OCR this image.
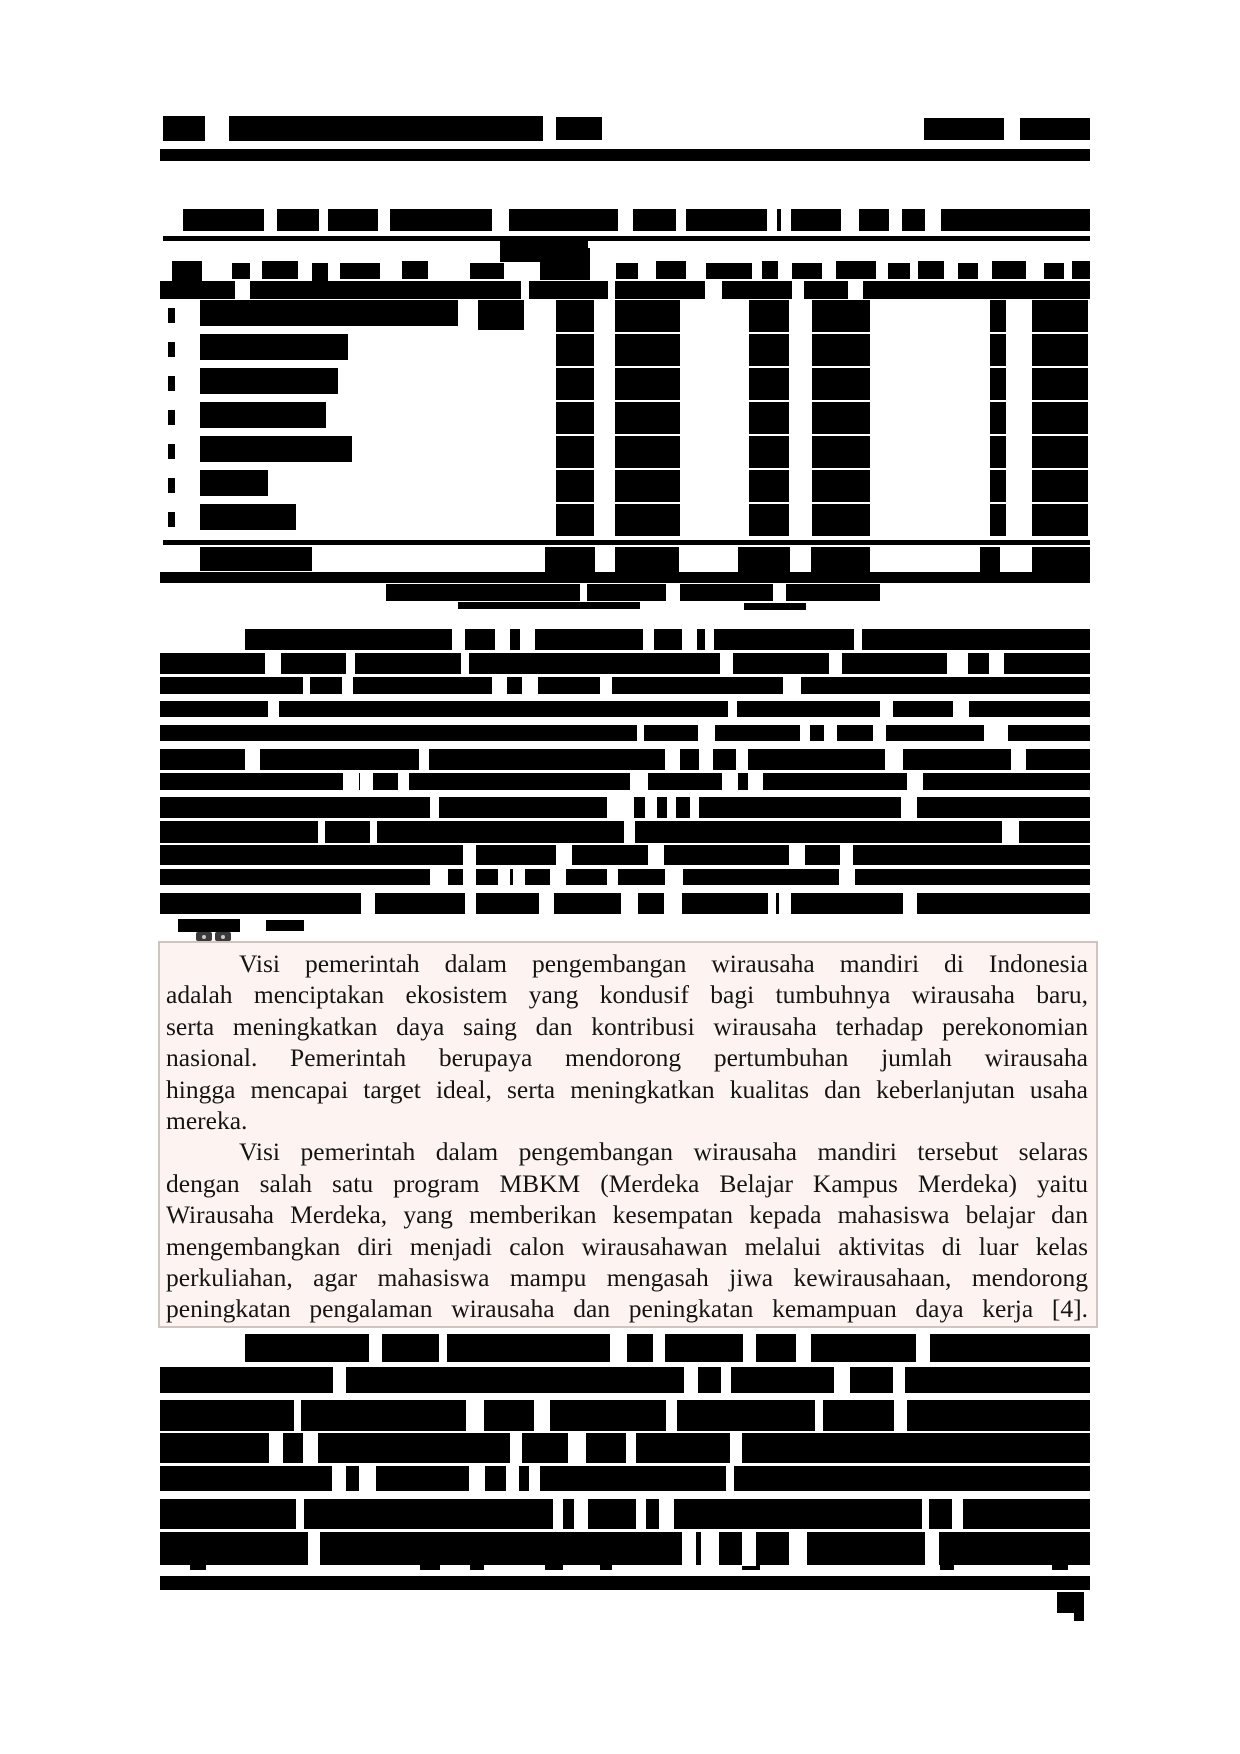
Visi pemerintah dalam pengembangan wirausaha mandiri di Indonesia
adalah menciptakan ekosistem yang kondusif bagi tumbuhnya wirausaha baru,
serta meningkatkan daya saing dan kontribusi wirausaha terhadap perekonomian
nasional. Pemerintah berupaya mendorong pertumbuhan jumlah wirausaha
hingga mencapai target ideal, serta meningkatkan kualitas dan keberlanjutan usaha
mereka.
Visi pemerintah dalam pengembangan wirausaha mandiri tersebut selaras
dengan salah satu program MBKM (Merdeka Belajar Kampus Merdeka) yaitu
Wirausaha Merdeka, yang memberikan kesempatan kepada mahasiswa belajar dan
mengembangkan diri menjadi calon wirausahawan melalui aktivitas di luar kelas
perkuliahan, agar mahasiswa mampu mengasah jiwa kewirausahaan, mendorong
peningkatan pengalaman wirausaha dan peningkatan kemampuan daya kerja [4].
